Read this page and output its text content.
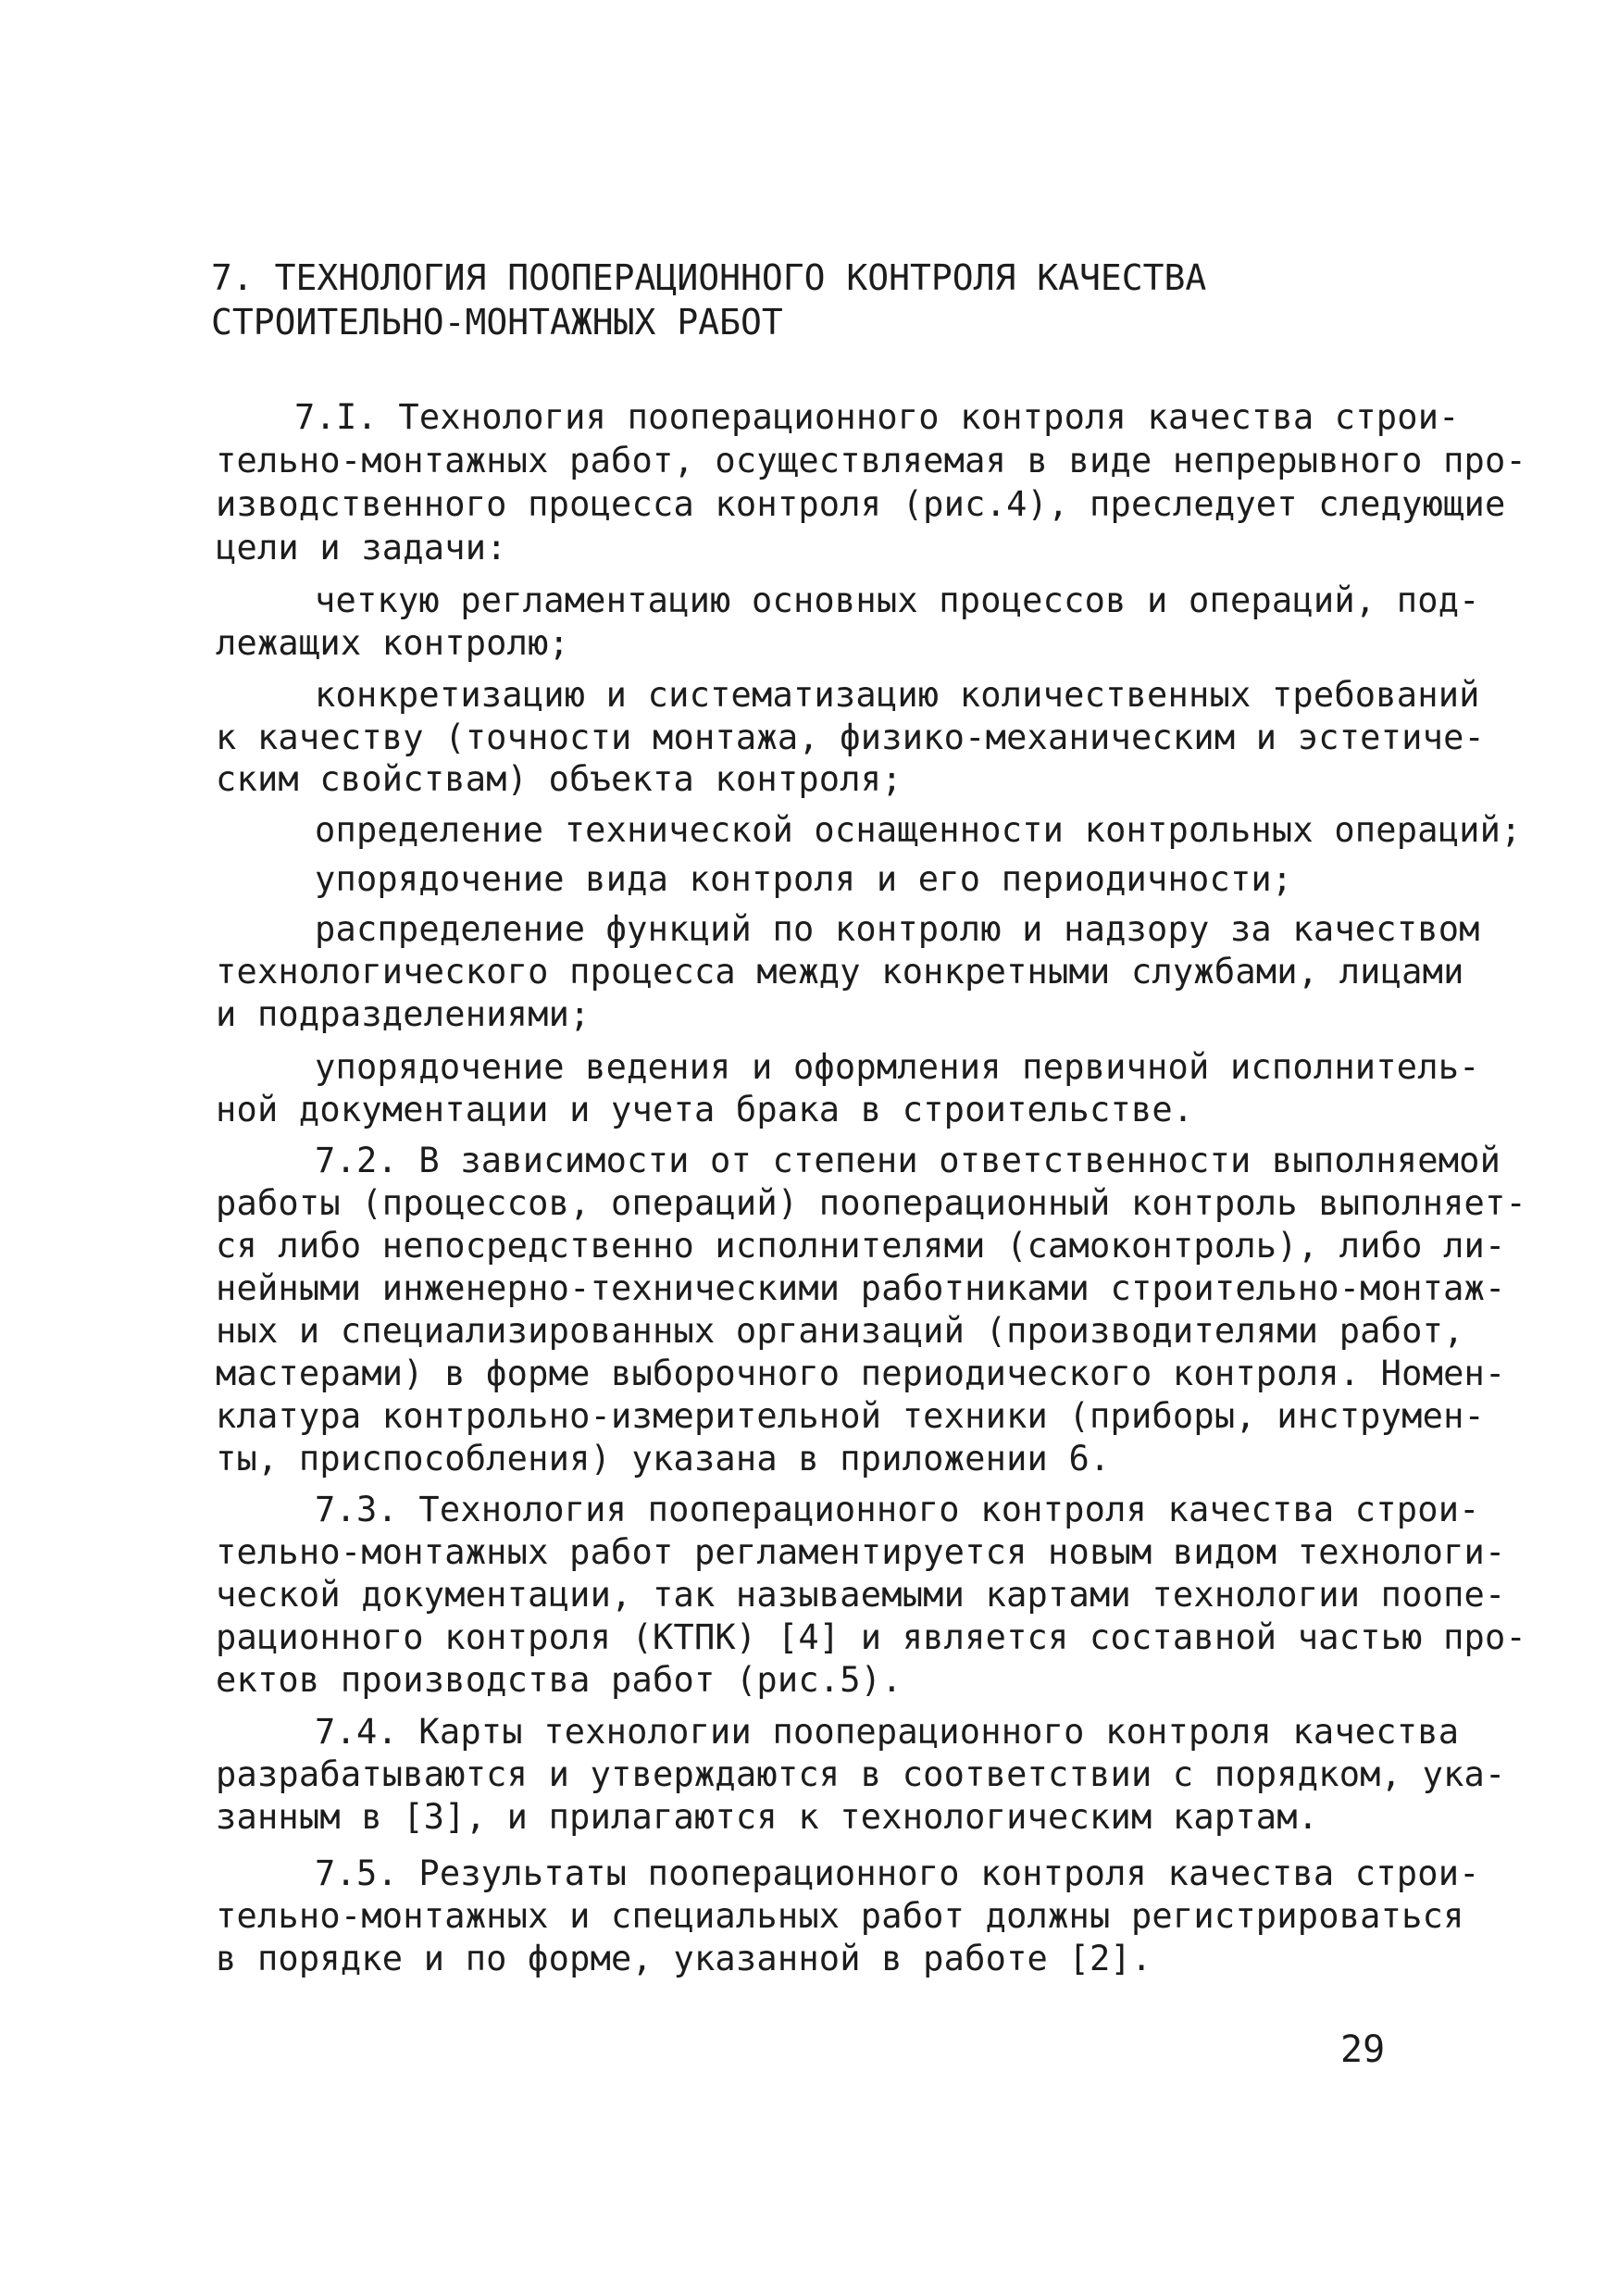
7. ТЕХНОЛОГИЯ ПООПЕРАЦИОННОГО КОНТРОЛЯ КАЧЕСТВА
СТРОИТЕЛЬНО-МОНТАЖНЫХ РАБОТ
7.I. Технология пооперационного контроля качества строи-
тельно-монтажных работ, осуществляемая в виде непрерывного про-
изводственного процесса контроля (рис.4), преследует следующие
цели и задачи:
четкую регламентацию основных процессов и операций, под-
лежащих контролю;
конкретизацию и систематизацию количественных требований
к качеству (точности монтажа, физико-механическим и эстетиче-
ским свойствам) объекта контроля;
определение технической оснащенности контрольных операций;
упорядочение вида контроля и его периодичности;
распределение функций по контролю и надзору за качеством
технологического процесса между конкретными службами, лицами
и подразделениями;
упорядочение ведения и оформления первичной исполнитель-
ной документации и учета брака в строительстве.
7.2. В зависимости от степени ответственности выполняемой
работы (процессов, операций) пооперационный контроль выполняет-
ся либо непосредственно исполнителями (самоконтроль), либо ли-
нейными инженерно-техническими работниками строительно-монтаж-
ных и специализированных организаций (производителями работ,
мастерами) в форме выборочного периодического контроля. Номен-
клатура контрольно-измерительной техники (приборы, инструмен-
ты, приспособления) указана в приложении 6.
7.3. Технология пооперационного контроля качества строи-
тельно-монтажных работ регламентируется новым видом технологи-
ческой документации, так называемыми картами технологии поопе-
рационного контроля (КТПК) [4] и является составной частью про-
ектов производства работ (рис.5).
7.4. Карты технологии пооперационного контроля качества
разрабатываются и утверждаются в соответствии с порядком, ука-
занным в [3], и прилагаются к технологическим картам.
7.5. Результаты пооперационного контроля качества строи-
тельно-монтажных и специальных работ должны регистрироваться
в порядке и по форме, указанной в работе [2].
29
